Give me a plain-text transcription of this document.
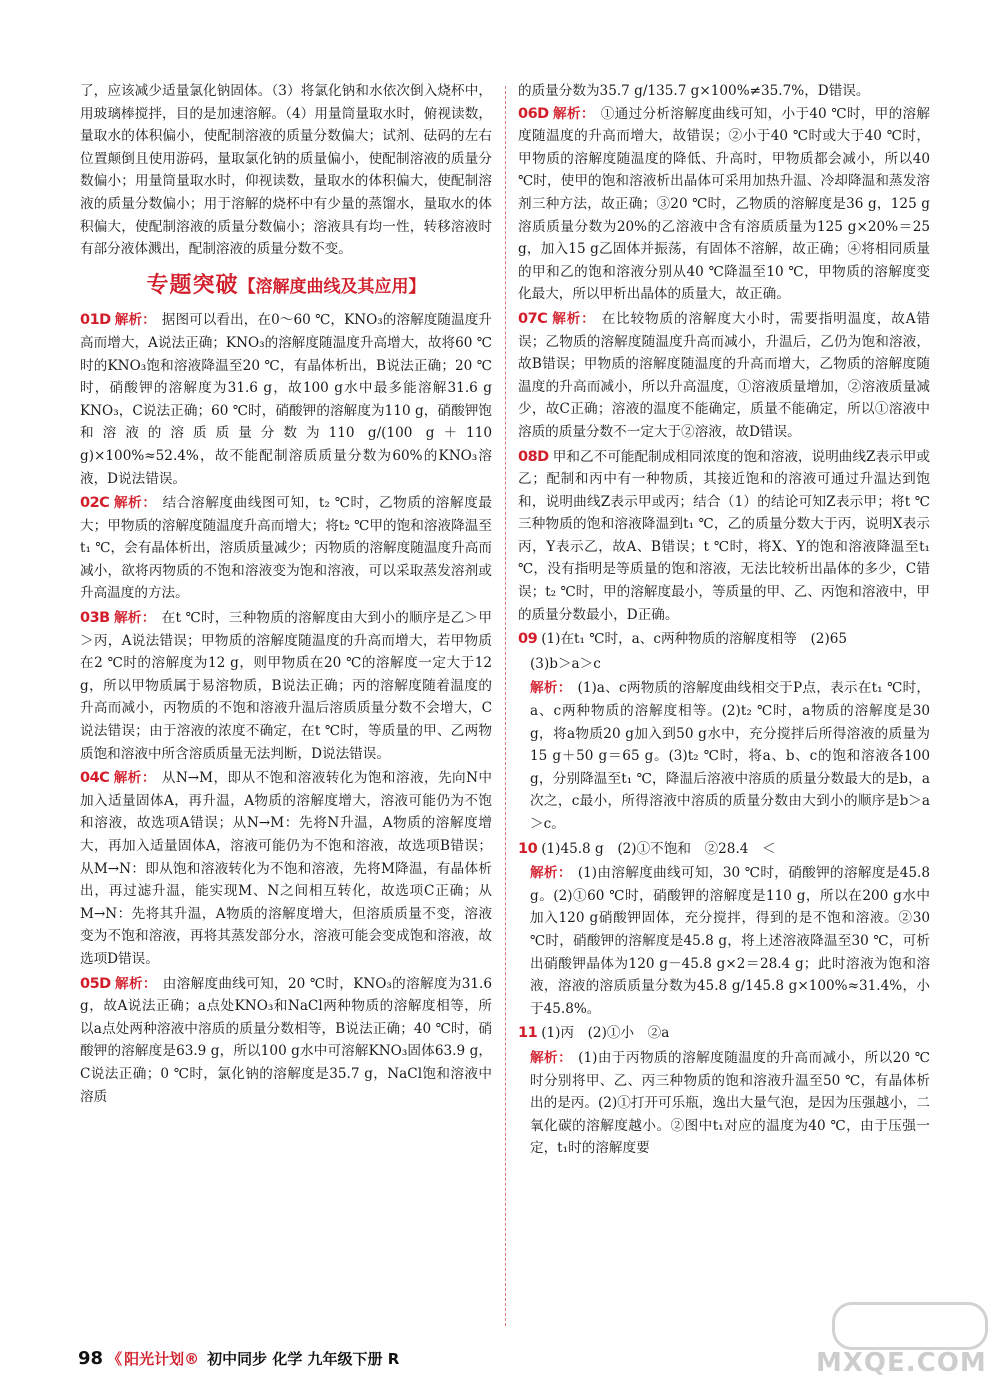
了，应该减少适量氯化钠固体。（3）将氯化钠和水依次倒入烧杯中，用玻璃棒搅拌，目的是加速溶解。（4）用量筒量取水时，俯视读数，量取水的体积偏小，使配制溶液的质量分数偏大；试剂、砝码的左右位置颠倒且使用游码，量取氯化钠的质量偏小，使配制溶液的质量分数偏小；用量筒量取水时，仰视读数，量取水的体积偏大，使配制溶液的质量分数偏小；用于溶解的烧杯中有少量的蒸馏水，量取水的体积偏大，使配制溶液的质量分数偏小；溶液具有均一性，转移溶液时有部分液体溅出，配制溶液的质量分数不变。

专题突破【溶解度曲线及其应用】

01D 解析： 据图可以看出，在0～60 ℃，KNO₃的溶解度随温度升高而增大，A说法正确；KNO₃的溶解度随温度升高增大，故将60 ℃时的KNO₃饱和溶液降温至20 ℃，有晶体析出，B说法正确；20 ℃时，硝酸钾的溶解度为31.6 g，故100 g水中最多能溶解31.6 g KNO₃，C说法正确；60 ℃时，硝酸钾的溶解度为110 g，硝酸钾饱和溶液的溶质质量分数为110 g/(100 g＋110 g)×100%≈52.4%，故不能配制溶质质量分数为60%的KNO₃溶液，D说法错误。

02C 解析： 结合溶解度曲线图可知，t₂ ℃时，乙物质的溶解度最大；甲物质的溶解度随温度升高而增大；将t₂ ℃甲的饱和溶液降温至t₁ ℃，会有晶体析出，溶质质量减少；丙物质的溶解度随温度升高而减小，欲将丙物质的不饱和溶液变为饱和溶液，可以采取蒸发溶剂或升高温度的方法。

03B 解析： 在t ℃时，三种物质的溶解度由大到小的顺序是乙＞甲＞丙，A说法错误；甲物质的溶解度随温度的升高而增大，若甲物质在2 ℃时的溶解度为12 g，则甲物质在20 ℃的溶解度一定大于12 g，所以甲物质属于易溶物质，B说法正确；丙的溶解度随着温度的升高而减小，丙物质的不饱和溶液升温后溶质质量分数不会增大，C说法错误；由于溶液的浓度不确定，在t ℃时，等质量的甲、乙两物质饱和溶液中所含溶质质量无法判断，D说法错误。

04C 解析： 从N→M，即从不饱和溶液转化为饱和溶液，先向N中加入适量固体A，再升温，A物质的溶解度增大，溶液可能仍为不饱和溶液，故选项A错误；从N→M：先将N升温，A物质的溶解度增大，再加入适量固体A，溶液可能仍为不饱和溶液，故选项B错误；从M→N：即从饱和溶液转化为不饱和溶液，先将M降温，有晶体析出，再过滤升温，能实现M、N之间相互转化，故选项C正确；从M→N：先将其升温，A物质的溶解度增大，但溶质质量不变，溶液变为不饱和溶液，再将其蒸发部分水，溶液可能会变成饱和溶液，故选项D错误。

05D 解析： 由溶解度曲线可知，20 ℃时，KNO₃的溶解度为31.6 g，故A说法正确；a点处KNO₃和NaCl两种物质的溶解度相等，所以a点处两种溶液中溶质的质量分数相等，B说法正确；40 ℃时，硝酸钾的溶解度是63.9 g，所以100 g水中可溶解KNO₃固体63.9 g，C说法正确；0 ℃时，氯化钠的溶解度是35.7 g，NaCl饱和溶液中溶质

的质量分数为35.7 g/135.7 g×100%≠35.7%，D错误。

06D 解析： ①通过分析溶解度曲线可知，小于40 ℃时，甲的溶解度随温度的升高而增大，故错误；②小于40 ℃时或大于40 ℃时，甲物质的溶解度随温度的降低、升高时，甲物质都会减小，所以40 ℃时，使甲的饱和溶液析出晶体可采用加热升温、冷却降温和蒸发溶剂三种方法，故正确；③20 ℃时，乙物质的溶解度是36 g，125 g溶质质量分数为20%的乙溶液中含有溶质质量为125 g×20%＝25 g，加入15 g乙固体并振荡，有固体不溶解，故正确；④将相同质量的甲和乙的饱和溶液分别从40 ℃降温至10 ℃，甲物质的溶解度变化最大，所以甲析出晶体的质量大，故正确。

07C 解析： 在比较物质的溶解度大小时，需要指明温度，故A错误；乙物质的溶解度随温度升高而减小，升温后，乙仍为饱和溶液，故B错误；甲物质的溶解度随温度的升高而增大，乙物质的溶解度随温度的升高而减小，所以升高温度，①溶液质量增加，②溶液质量减少，故C正确；溶液的温度不能确定，质量不能确定，所以①溶液中溶质的质量分数不一定大于②溶液，故D错误。

08D 甲和乙不可能配制成相同浓度的饱和溶液，说明曲线Z表示甲或乙；配制和丙中有一种物质，其接近饱和的溶液可通过升温达到饱和，说明曲线Z表示甲或丙；结合（1）的结论可知Z表示甲；将t ℃三种物质的饱和溶液降温到t₁ ℃，乙的质量分数大于丙，说明X表示丙，Y表示乙，故A、B错误；t ℃时，将X、Y的饱和溶液降温至t₁ ℃，没有指明是等质量的饱和溶液，无法比较析出晶体的多少，C错误；t₂ ℃时，甲的溶解度最小，等质量的甲、乙、丙饱和溶液中，甲的质量分数最小，D正确。

09 (1)在t₁ ℃时，a、c两种物质的溶解度相等　(2)65

(3)b＞a＞c

解析： (1)a、c两物质的溶解度曲线相交于P点，表示在t₁ ℃时，a、c两种物质的溶解度相等。(2)t₂ ℃时，a物质的溶解度是30 g，将a物质20 g加入到50 g水中，充分搅拌后所得溶液的质量为15 g＋50 g＝65 g。(3)t₂ ℃时，将a、b、c的饱和溶液各100 g，分别降温至t₁ ℃，降温后溶液中溶质的质量分数最大的是b，a次之，c最小，所得溶液中溶质的质量分数由大到小的顺序是b＞a＞c。

10 (1)45.8 g　(2)①不饱和　②28.4　＜

解析： (1)由溶解度曲线可知，30 ℃时，硝酸钾的溶解度是45.8 g。(2)①60 ℃时，硝酸钾的溶解度是110 g，所以在200 g水中加入120 g硝酸钾固体，充分搅拌，得到的是不饱和溶液。②30 ℃时，硝酸钾的溶解度是45.8 g，将上述溶液降温至30 ℃，可析出硝酸钾晶体为120 g－45.8 g×2＝28.4 g；此时溶液为饱和溶液，溶液的溶质质量分数为45.8 g/145.8 g×100%≈31.4%，小于45.8%。

11 (1)丙　(2)①小　②a

解析： (1)由于丙物质的溶解度随温度的升高而减小，所以20 ℃时分别将甲、乙、丙三种物质的饱和溶液升温至50 ℃，有晶体析出的是丙。(2)①打开可乐瓶，逸出大量气泡，是因为压强越小，二氧化碳的溶解度越小。②图中t₁对应的温度为40 ℃，由于压强一定，t₁时的溶解度要

98 《 阳光计划® 初中同步 化学 九年级下册 R	MXQE.COM
